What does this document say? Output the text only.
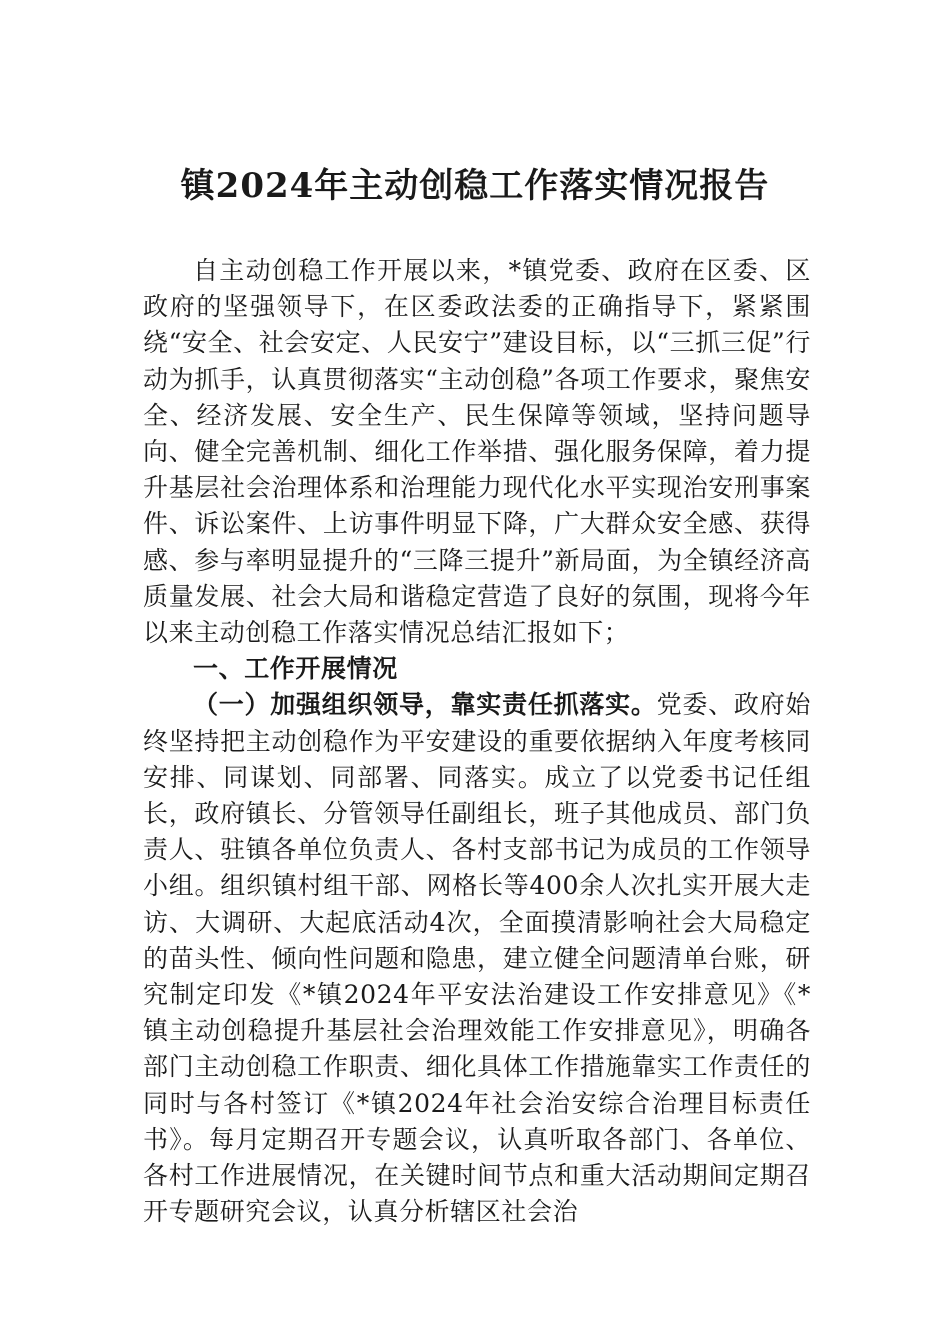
镇2024年主动创稳工作落实情况报告

自主动创稳工作开展以来，*镇党委、政府在区委、区政府的坚强领导下，在区委政法委的正确指导下，紧紧围绕“安全、社会安定、人民安宁”建设目标，以“三抓三促”行动为抓手，认真贯彻落实“主动创稳”各项工作要求，聚焦安全、经济发展、安全生产、民生保障等领域，坚持问题导向、健全完善机制、细化工作举措、强化服务保障，着力提升基层社会治理体系和治理能力现代化水平实现治安刑事案件、诉讼案件、上访事件明显下降，广大群众安全感、获得感、参与率明显提升的“三降三提升”新局面，为全镇经济高质量发展、社会大局和谐稳定营造了良好的氛围，现将今年以来主动创稳工作落实情况总结汇报如下；

一、工作开展情况

（一）加强组织领导，靠实责任抓落实。党委、政府始终坚持把主动创稳作为平安建设的重要依据纳入年度考核同安排、同谋划、同部署、同落实。成立了以党委书记任组长，政府镇长、分管领导任副组长，班子其他成员、部门负责人、驻镇各单位负责人、各村支部书记为成员的工作领导小组。组织镇村组干部、网格长等400余人次扎实开展大走访、大调研、大起底活动4次，全面摸清影响社会大局稳定的苗头性、倾向性问题和隐患，建立健全问题清单台账，研究制定印发《*镇2024年平安法治建设工作安排意见》《*镇主动创稳提升基层社会治理效能工作安排意见》，明确各部门主动创稳工作职责、细化具体工作措施靠实工作责任的同时与各村签订《*镇2024年社会治安综合治理目标责任书》。每月定期召开专题会议，认真听取各部门、各单位、各村工作进展情况，在关键时间节点和重大活动期间定期召开专题研究会议，认真分析辖区社会治
